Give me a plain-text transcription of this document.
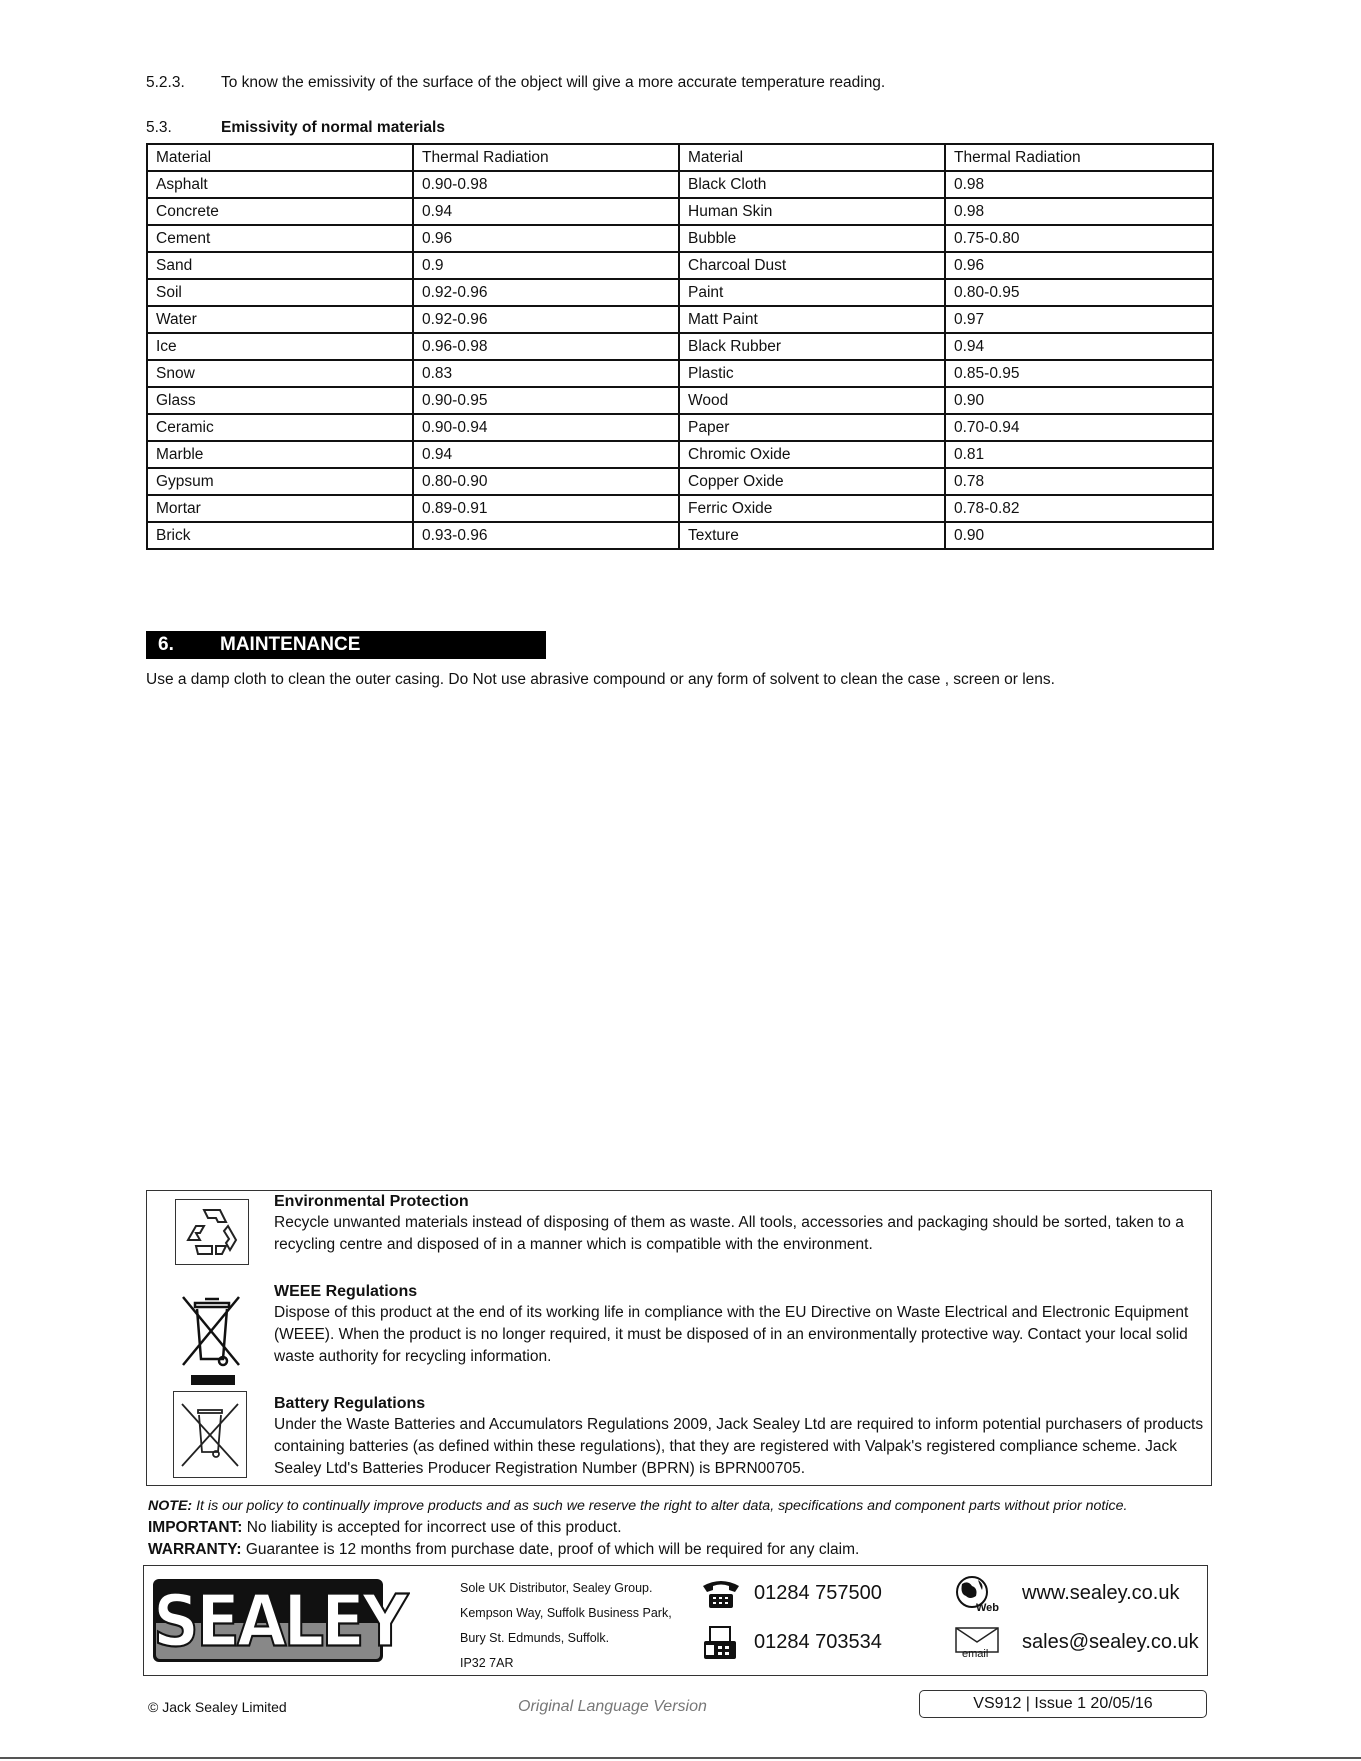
5.2.3. To know the emissivity of the surface of the object will give a more accurate temperature reading.
5.3.	Emissivity of normal materials
Material	Thermal Radiation	Material	Thermal Radiation
Asphalt	0.90-0.98	Black Cloth	0.98
Concrete	0.94	Human Skin	0.98
Cement	0.96	Bubble	0.75-0.80
Sand	0.9	Charcoal Dust	0.96
Soil	0.92-0.96	Paint	0.80-0.95
Water	0.92-0.96	Matt Paint	0.97
Ice	0.96-0.98	Black Rubber	0.94
Snow	0.83	Plastic	0.85-0.95
Glass	0.90-0.95	Wood	0.90
Ceramic	0.90-0.94	Paper	0.70-0.94
Marble	0.94	Chromic Oxide	0.81
Gypsum	0.80-0.90	Copper Oxide	0.78
Mortar	0.89-0.91	Ferric Oxide	0.78-0.82
Brick	0.93-0.96	Texture	0.90
6. MAINTENANCE
Use a damp cloth to clean the outer casing. Do Not use abrasive compound or any form of solvent to clean the case , screen or lens.
Environmental Protection
Recycle unwanted materials instead of disposing of them as waste. All tools, accessories and packaging should be sorted, taken to a recycling centre and disposed of in a manner which is compatible with the environment.
WEEE Regulations
Dispose of this product at the end of its working life in compliance with the EU Directive on Waste Electrical and Electronic Equipment (WEEE). When the product is no longer required, it must be disposed of in an environmentally protective way. Contact your local solid waste authority for recycling information.
Battery Regulations
Under the Waste Batteries and Accumulators Regulations 2009, Jack Sealey Ltd are required to inform potential purchasers of products containing batteries (as defined within these regulations), that they are registered with Valpak's registered compliance scheme. Jack Sealey Ltd's Batteries Producer Registration Number (BPRN) is BPRN00705.
NOTE: It is our policy to continually improve products and as such we reserve the right to alter data, specifications and component parts without prior notice.
IMPORTANT: No liability is accepted for incorrect use of this product.
WARRANTY: Guarantee is 12 months from purchase date, proof of which will be required for any claim.
SEALEY	Sole UK Distributor, Sealey Group.
Kempson Way, Suffolk Business Park,
Bury St. Edmunds, Suffolk.
IP32 7AR
01284 757500
01284 703534
Web
www.sealey.co.uk
email
sales@sealey.co.uk
© Jack Sealey Limited	Original Language Version	VS912 | Issue 1 20/05/16
